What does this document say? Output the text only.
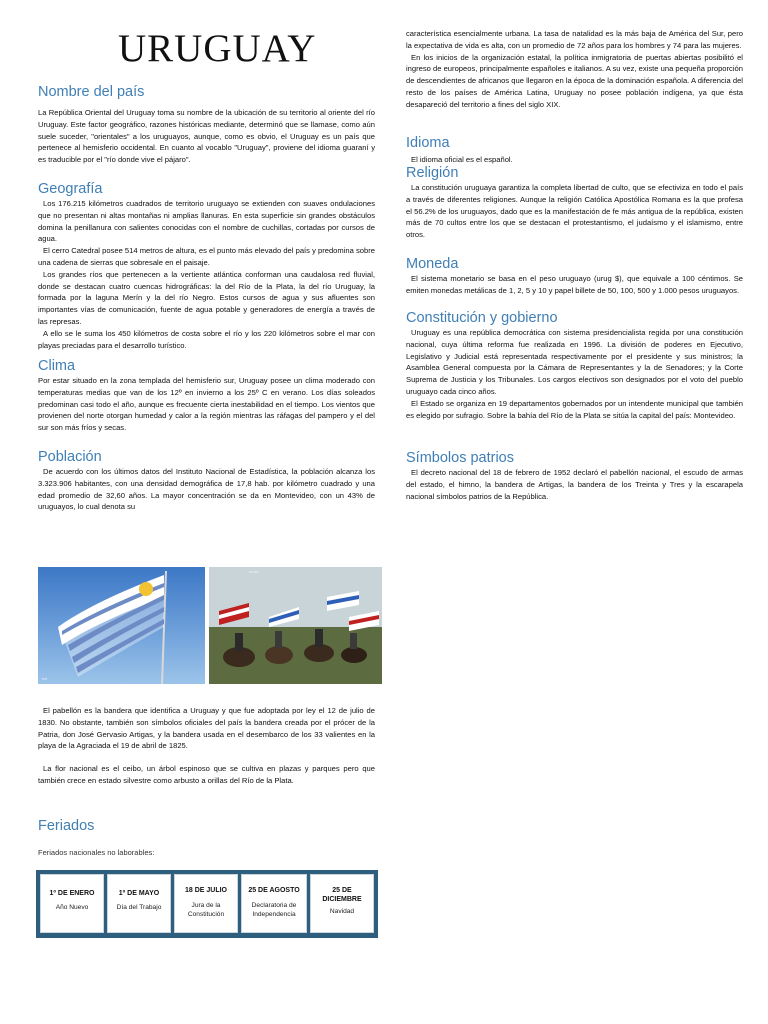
URUGUAY
Nombre del país

La República Oriental del Uruguay toma su nombre de la ubicación de su territorio al oriente del río Uruguay. Este factor geográfico, razones históricas mediante, determinó que se llamase, como aún suele suceder, "orientales" a los uruguayos, aunque, como es obvio, el Uruguay es un país que pertenece al hemisferio occidental. En cuanto al vocablo "Uruguay", proviene del idioma guaraní y es traducible por el "río donde vive el pájaro".

Geografía

Los 176.215 kilómetros cuadrados de territorio uruguayo se extienden con suaves ondulaciones que no presentan ni altas montañas ni amplias llanuras. En esta superficie sin grandes obstáculos domina la penillanura con salientes conocidas con el nombre de cuchillas, cortadas por cursos de agua.

El cerro Catedral posee 514 metros de altura, es el punto más elevado del país y predomina sobre una cadena de sierras que sobresale en el paisaje.

Los grandes ríos que pertenecen a la vertiente atlántica conforman una caudalosa red fluvial, donde se destacan cuatro cuencas hidrográficas: la del Río de la Plata, la del río Uruguay, la formada por la laguna Merín y la del río Negro. Estos cursos de agua y sus afluentes son importantes vías de comunicación, fuente de agua potable y generadores de energía a través de las represas.

A ello se le suma los 450 kilómetros de costa sobre el río y los 220 kilómetros sobre el mar con playas preciadas para el desarrollo turístico.

Clima

Por estar situado en la zona templada del hemisferio sur, Uruguay posee un clima moderado con temperaturas medias que van de los 12º en invierno a los 25º C en verano. Los días soleados predominan casi todo el año, aunque es frecuente cierta inestabilidad en el tiempo. Los vientos que provienen del norte otorgan humedad y calor a la región mientras las ráfagas del pampero y el del sur son más fríos y secas.

Población

De acuerdo con los últimos datos del Instituto Nacional de Estadística, la población alcanza los 3.323.906 habitantes, con una densidad demográfica de 17,8 hab. por kilómetro cuadrado y una edad promedio de 32,60 años. La mayor concentración se da en Montevideo, con un 43% de uruguayos, lo cual denota su

▪▪▪▪
▪▪▪ ▪▪▪▪

El pabellón es la bandera que identifica a Uruguay y que fue adoptada por ley el 12 de julio de 1830. No obstante, también son símbolos oficiales del país la bandera creada por el prócer de la Patria, don José Gervasio Artigas, y la bandera usada en el desembarco de los 33 valientes en la playa de la Agraciada el 19 de abril de 1825.

La flor nacional es el ceibo, un árbol espinoso que se cultiva en plazas y parques pero que también crece en estado silvestre como arbusto a orillas del Río de la Plata.

Feriados
Feriados nacionales no laborables:
1º DE ENERO
Año Nuevo
1º DE MAYO
Día del Trabajo
18 DE JULIO
Jura de la Constitución
25 DE AGOSTO
Declaratoria de Independencia
25 DE DICIEMBRE
Navidad

característica esencialmente urbana. La tasa de natalidad es la más baja de América del Sur, pero la expectativa de vida es alta, con un promedio de 72 años para los hombres y 74 para las mujeres.

En los inicios de la organización estatal, la política inmigratoria de puertas abiertas posibilitó el ingreso de europeos, principalmente españoles e italianos. A su vez, existe una pequeña proporción de descendientes de africanos que llegaron en la época de la dominación española. A diferencia del resto de los países de América Latina, Uruguay no posee población indígena, ya que ésta desapareció del territorio a fines del siglo XIX.

Idioma

El idioma oficial es el español.

Religión

La constitución uruguaya garantiza la completa libertad de culto, que se efectiviza en todo el país a través de diferentes religiones. Aunque la religión Católica Apostólica Romana es la que profesa el 56.2% de los uruguayos, dado que es la manifestación de fe más antigua de la república, existen más de 70 cultos entre los que se destacan el protestantismo, el judaísmo y el islamismo, entre otros.

Moneda

El sistema monetario se basa en el peso uruguayo (urug $), que equivale a 100 céntimos. Se emiten monedas metálicas de 1, 2, 5 y 10 y papel billete de 50, 100, 500 y 1.000 pesos uruguayos.

Constitución y gobierno

Uruguay es una república democrática con sistema presidencialista regida por una constitución nacional, cuya última reforma fue realizada en 1996. La división de poderes en Ejecutivo, Legislativo y Judicial está representada respectivamente por el presidente y sus ministros; la Asamblea General compuesta por la Cámara de Representantes y la de Senadores; y la Corte Suprema de Justicia y los Tribunales. Los cargos electivos son designados por el voto del pueblo uruguayo cada cinco años.

El Estado se organiza en 19 departamentos gobernados por un intendente municipal que también es elegido por sufragio. Sobre la bahía del Río de la Plata se sitúa la capital del país: Montevideo.

Símbolos patrios

El decreto nacional del 18 de febrero de 1952 declaró el pabellón nacional, el escudo de armas del estado, el himno, la bandera de Artigas, la bandera de los Treinta y Tres y la escarapela nacional símbolos patrios de la República.
